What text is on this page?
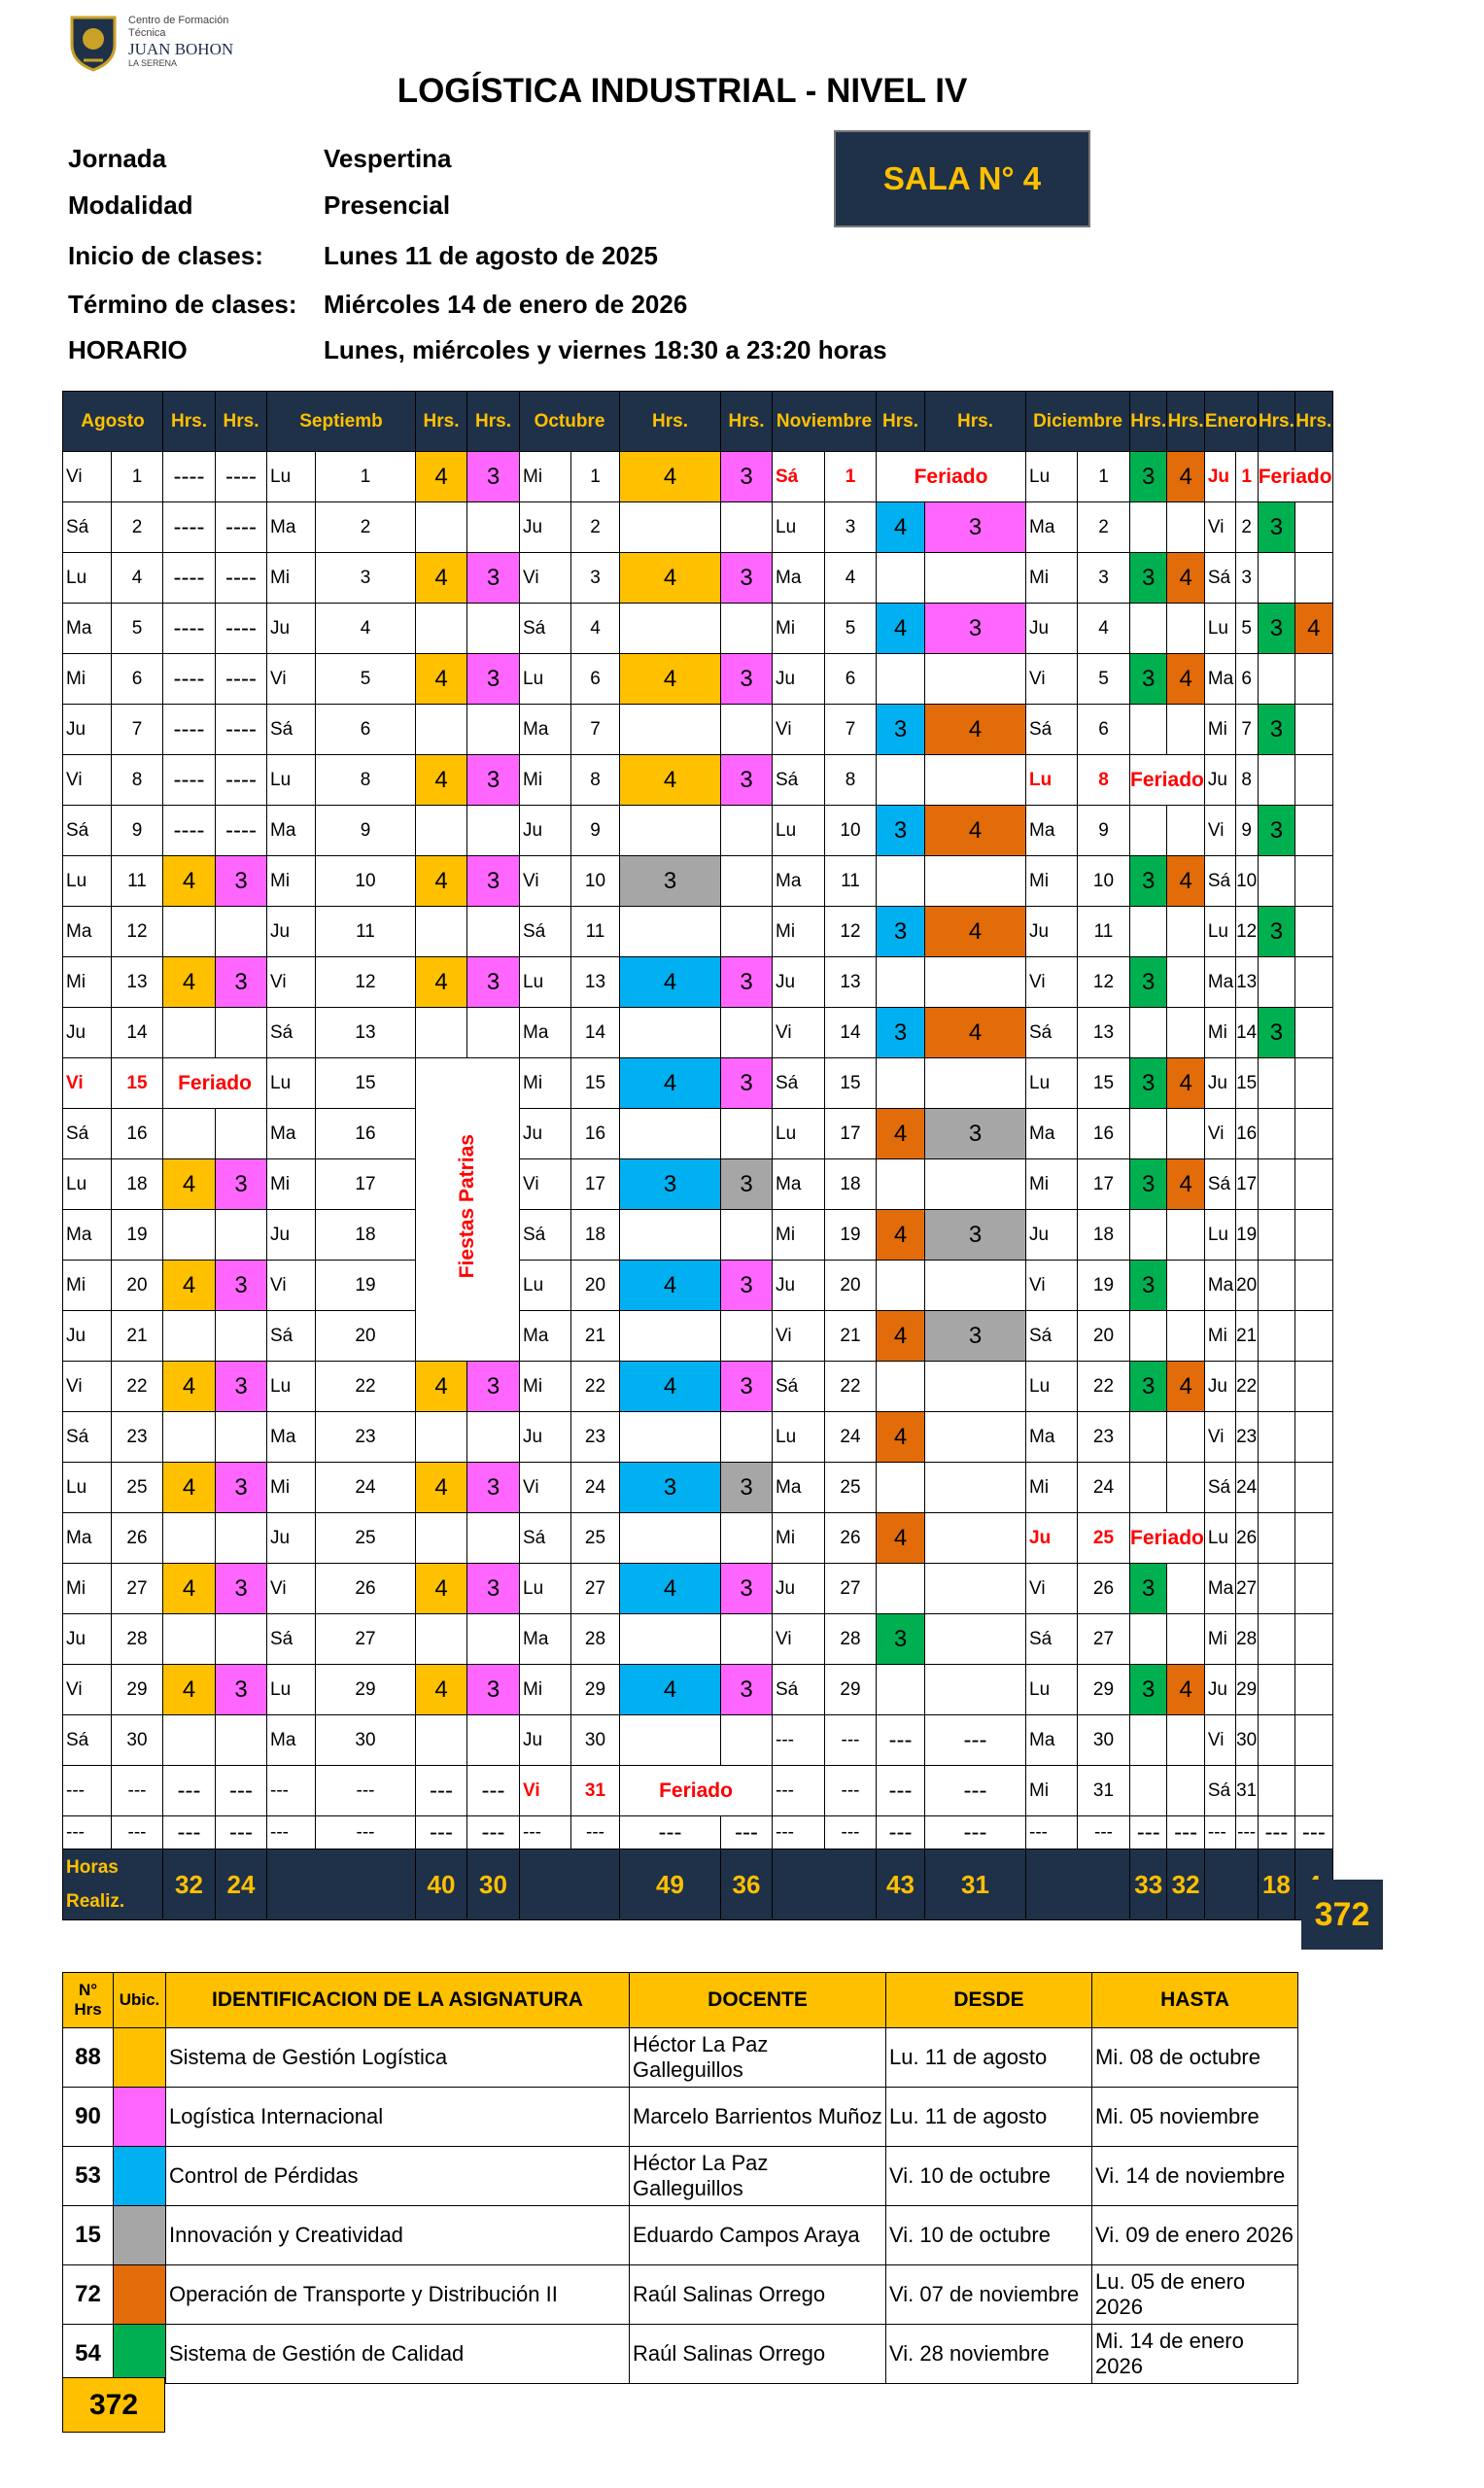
Centro de Formación Técnica
JUAN BOHON
LA SERENA
LOGÍSTICA INDUSTRIAL - NIVEL IV
Jornada	Vespertina
Modalidad	Presencial
Inicio de clases: Lunes 11 de agosto de 2025
Término de clases: Miércoles 14 de enero de 2026
HORARIO	Lunes, miércoles y viernes 18:30 a 23:20 horas
SALA N° 4
Agosto		Hrs.	Hrs.	Septiemb		Hrs.	Hrs.	Octubre		Hrs.	Hrs.	Noviembre		Hrs.	Hrs.	Diciembre		Hrs.	Hrs.	Enero		Hrs.	Hrs.
Vi	1	----	----	Lu	1	4	3	Mi	1	4	3	Sá	1	Feriado		Lu	1	3	4	Ju	1	Feriado	
Sá	2	----	----	Ma	2			Ju	2			Lu	3	4	3	Ma	2			Vi	2	3	
Lu	4	----	----	Mi	3	4	3	Vi	3	4	3	Ma	4			Mi	3	3	4	Sá	3		
Ma	5	----	----	Ju	4			Sá	4			Mi	5	4	3	Ju	4			Lu	5	3	4
Mi	6	----	----	Vi	5	4	3	Lu	6	4	3	Ju	6			Vi	5	3	4	Ma	6		
Ju	7	----	----	Sá	6			Ma	7			Vi	7	3	4	Sá	6			Mi	7	3	
Vi	8	----	----	Lu	8	4	3	Mi	8	4	3	Sá	8			Lu	8	Feriado		Ju	8		
Sá	9	----	----	Ma	9			Ju	9			Lu	10	3	4	Ma	9			Vi	9	3	
Lu	11	4	3	Mi	10	4	3	Vi	10	3		Ma	11			Mi	10	3	4	Sá	10		
Ma	12			Ju	11			Sá	11			Mi	12	3	4	Ju	11			Lu	12	3	
Mi	13	4	3	Vi	12	4	3	Lu	13	4	3	Ju	13			Vi	12	3		Ma	13		
Ju	14			Sá	13			Ma	14			Vi	14	3	4	Sá	13			Mi	14	3	
Vi	15	Feriado		Lu	15	Fiestas Patrias		Mi	15	4	3	Sá	15			Lu	15	3	4	Ju	15		
Sá	16			Ma	16			Ju	16			Lu	17	4	3	Ma	16			Vi	16		
Lu	18	4	3	Mi	17			Vi	17	3	3	Ma	18			Mi	17	3	4	Sá	17		
Ma	19			Ju	18			Sá	18			Mi	19	4	3	Ju	18			Lu	19		
Mi	20	4	3	Vi	19			Lu	20	4	3	Ju	20			Vi	19	3		Ma	20		
Ju	21			Sá	20			Ma	21			Vi	21	4	3	Sá	20			Mi	21		
Vi	22	4	3	Lu	22	4	3	Mi	22	4	3	Sá	22			Lu	22	3	4	Ju	22		
Sá	23			Ma	23			Ju	23			Lu	24	4		Ma	23			Vi	23		
Lu	25	4	3	Mi	24	4	3	Vi	24	3	3	Ma	25			Mi	24			Sá	24		
Ma	26			Ju	25			Sá	25			Mi	26	4		Ju	25	Feriado		Lu	26		
Mi	27	4	3	Vi	26	4	3	Lu	27	4	3	Ju	27			Vi	26	3		Ma	27		
Ju	28			Sá	27			Ma	28			Vi	28	3		Sá	27			Mi	28		
Vi	29	4	3	Lu	29	4	3	Mi	29	4	3	Sá	29			Lu	29	3	4	Ju	29		
Sá	30			Ma	30			Ju	30			---	---	---	---	Ma	30			Vi	30		
---	---	---	---	---	---	---	---	Vi	31	Feriado		---	---	---	---	Mi	31			Sá	31		
---	---	---	---	---	---	---	---	---	---	---	---	---	---	---	---	---	---	---	---	---	---	---	---

Horas
Realiz.		32	24			40	30			49	36			43	31			33	32			18	
372
N° Hrs	Ubic.	IDENTIFICACION DE LA ASIGNATURA	DOCENTE	DESDE	HASTA
88		Sistema de Gestión Logística	Héctor La Paz Galleguillos	Lu. 11 de agosto	Mi. 08 de octubre
90		Logística Internacional	Marcelo Barrientos Muñoz	Lu. 11 de agosto	Mi. 05 noviembre
53		Control de Pérdidas	Héctor La Paz Galleguillos	Vi. 10 de octubre	Vi. 14 de noviembre
15		Innovación y Creatividad	Eduardo Campos Araya	Vi. 10 de octubre	Vi. 09 de enero 2026
72		Operación de Transporte y Distribución II	Raúl Salinas Orrego	Vi. 07 de noviembre	Lu. 05 de enero 2026
54		Sistema de Gestión de Calidad	Raúl Salinas Orrego	Vi. 28 noviembre	Mi. 14 de enero 2026
372
